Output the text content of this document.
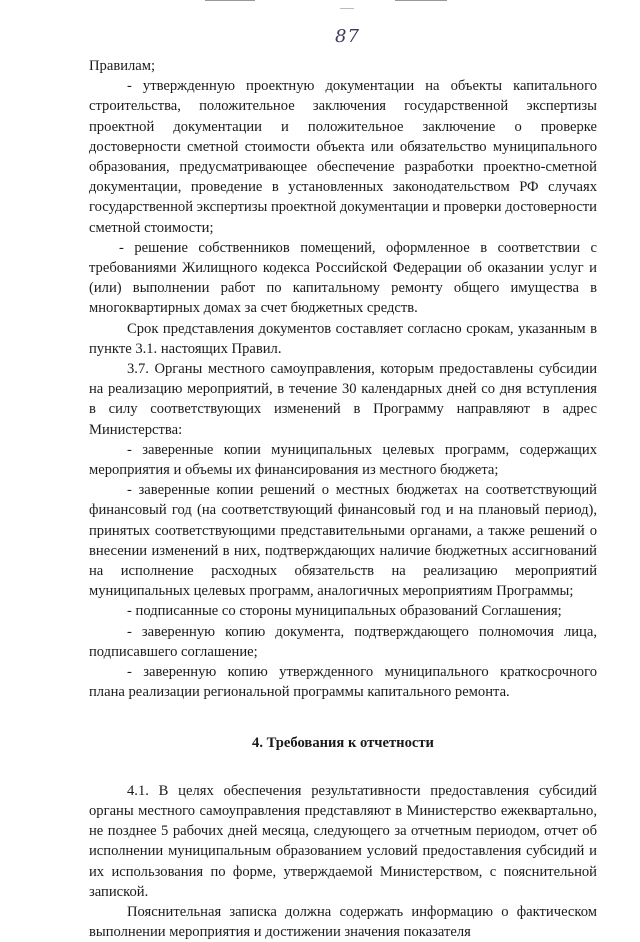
87

Правилам;

- утвержденную проектную документации на объекты капитального строительства, положительное заключения государственной экспертизы проектной документации и положительное заключение о проверке достоверности сметной стоимости объекта или обязательство муниципального образования, предусматривающее обеспечение разработки проектно-сметной документации, проведение в установленных законодательством РФ случаях государственной экспертизы проектной документации и проверки достоверности сметной стоимости;

- решение собственников помещений, оформленное в соответствии с требованиями Жилищного кодекса Российской Федерации об оказании услуг и (или) выполнении работ по капитальному ремонту общего имущества в многоквартирных домах за счет бюджетных средств.

Срок представления документов составляет согласно срокам, указанным в пункте 3.1. настоящих Правил.

3.7. Органы местного самоуправления, которым предоставлены субсидии на реализацию мероприятий, в течение 30 календарных дней со дня вступления в силу соответствующих изменений в Программу направляют в адрес Министерства:

- заверенные копии муниципальных целевых программ, содержащих мероприятия и объемы их финансирования из местного бюджета;

- заверенные копии решений о местных бюджетах на соответствующий финансовый год (на соответствующий финансовый год и на плановый период), принятых соответствующими представительными органами, а также решений о внесении изменений в них, подтверждающих наличие бюджетных ассигнований на исполнение расходных обязательств на реализацию мероприятий муниципальных целевых программ, аналогичных мероприятиям Программы;

- подписанные со стороны муниципальных образований Соглашения;

- заверенную копию документа, подтверждающего полномочия лица, подписавшего соглашение;

- заверенную копию утвержденного муниципального краткосрочного плана реализации региональной программы капитального ремонта.

4. Требования к отчетности

4.1. В целях обеспечения результативности предоставления субсидий органы местного самоуправления представляют в Министерство ежеквартально, не позднее 5 рабочих дней месяца, следующего за отчетным периодом, отчет об исполнении муниципальным образованием условий предоставления субсидий и их использования по форме, утверждаемой Министерством, с пояснительной запиской.

Пояснительная записка должна содержать информацию о фактическом выполнении мероприятия и достижении значения показателя
